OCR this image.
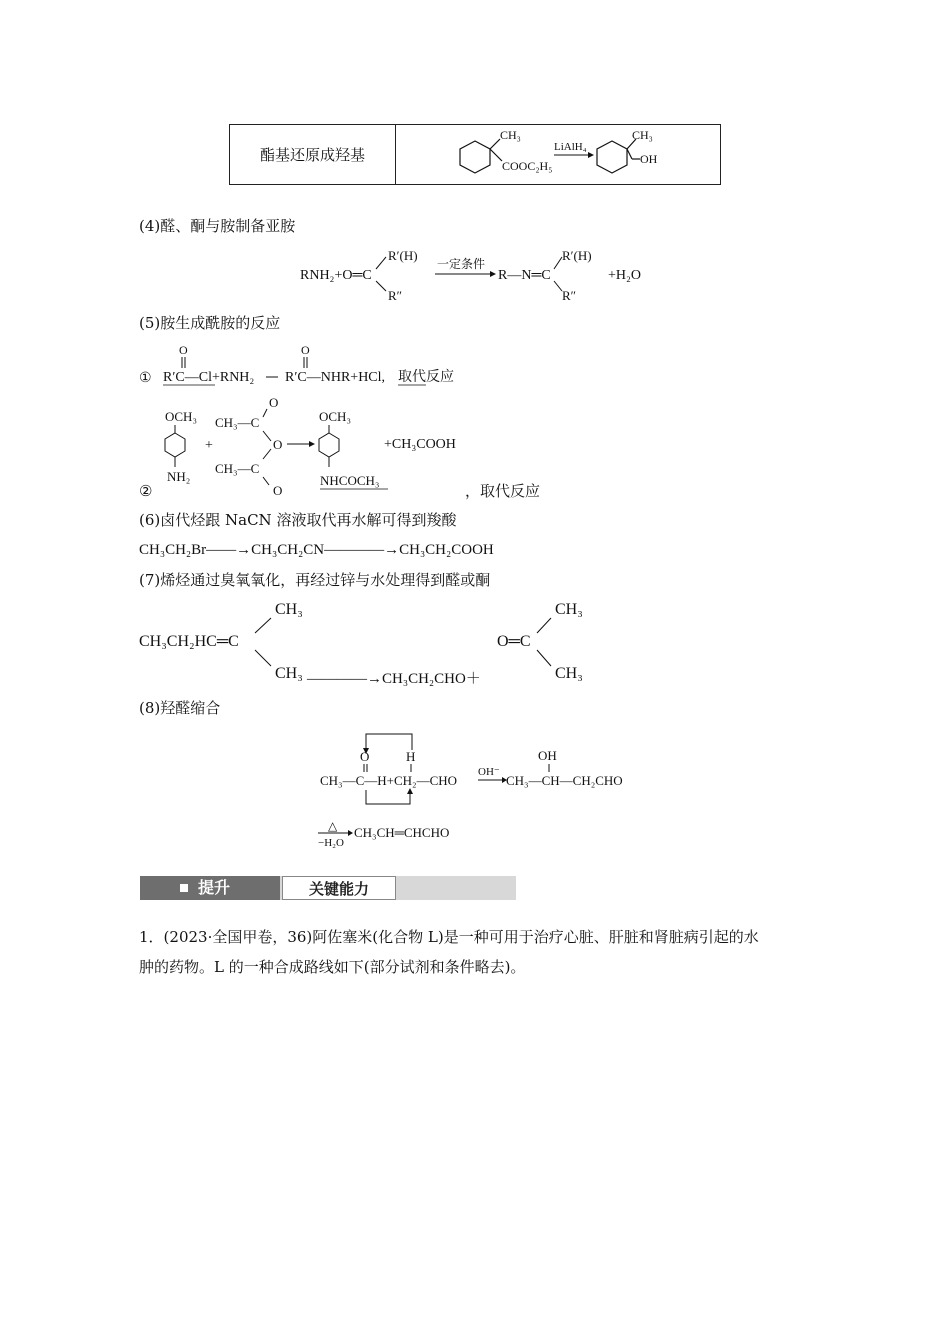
酯基还原成羟基
CH₃
COOC₂H₅
LiAlH₄
CH₃
OH
(4)醛、酮与胺制备亚胺
RNH₂+O═C
R′(H)
R″
一定条件
R—N═C
R′(H)
R″
+H₂O
(5)胺生成酰胺的反应
①
O
R′C—Cl+RNH₂
O
R′C—NHR+HCl, 取代反应
OCH₃
NH₂
②
+
O
CH₃—C
O
CH₃—C
O
OCH₃
NHCOCH₃
+CH₃COOH
，取代反应
(6)卤代烃跟 NaCN 溶液取代再水解可得到羧酸
CH₃CH₂Br——→CH₃CH₂CN————→CH₃CH₂COOH
(7)烯烃通过臭氧氧化，再经过锌与水处理得到醛或酮
CH₃CH₂HC═C
CH₃
CH₃ ————→CH₃CH₂CHO＋
O═C
CH₃
CH₃
(8)羟醛缩合
O	H
CH₃—C—H+CH₂—CHO
OH⁻
OH
CH₃—CH—CH₂CHO
△
−H₂O
CH₃CH═CHCHO
提升	关键能力
1．(2023·全国甲卷，36)阿佐塞米(化合物 L)是一种可用于治疗心脏、肝脏和肾脏病引起的水
肿的药物。L 的一种合成路线如下(部分试剂和条件略去)。
